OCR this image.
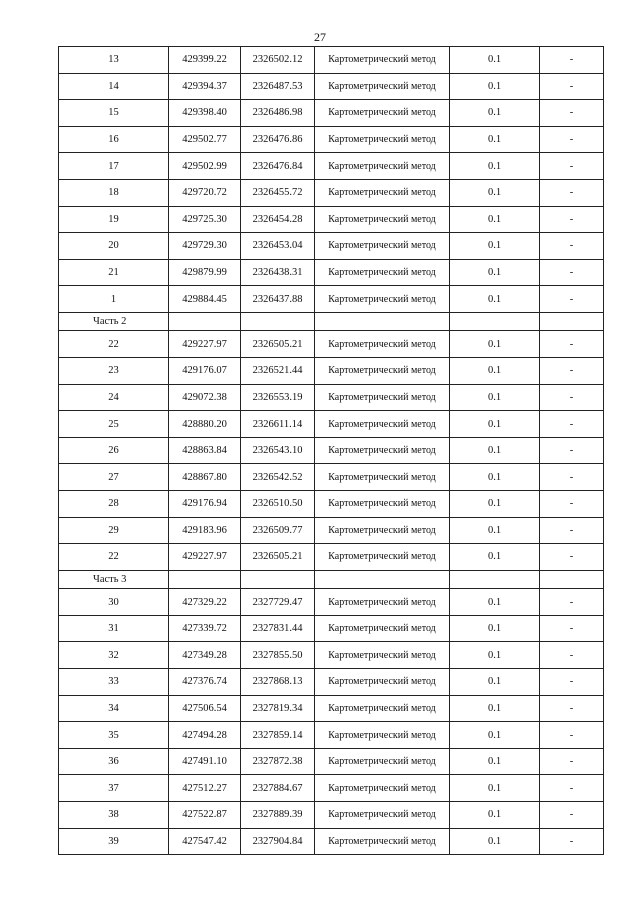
27
13	429399.22	2326502.12	Картометрический метод	0.1	-
14	429394.37	2326487.53	Картометрический метод	0.1	-
15	429398.40	2326486.98	Картометрический метод	0.1	-
16	429502.77	2326476.86	Картометрический метод	0.1	-
17	429502.99	2326476.84	Картометрический метод	0.1	-
18	429720.72	2326455.72	Картометрический метод	0.1	-
19	429725.30	2326454.28	Картометрический метод	0.1	-
20	429729.30	2326453.04	Картометрический метод	0.1	-
21	429879.99	2326438.31	Картометрический метод	0.1	-
1	429884.45	2326437.88	Картометрический метод	0.1	-
Часть 2					
22	429227.97	2326505.21	Картометрический метод	0.1	-
23	429176.07	2326521.44	Картометрический метод	0.1	-
24	429072.38	2326553.19	Картометрический метод	0.1	-
25	428880.20	2326611.14	Картометрический метод	0.1	-
26	428863.84	2326543.10	Картометрический метод	0.1	-
27	428867.80	2326542.52	Картометрический метод	0.1	-
28	429176.94	2326510.50	Картометрический метод	0.1	-
29	429183.96	2326509.77	Картометрический метод	0.1	-
22	429227.97	2326505.21	Картометрический метод	0.1	-
Часть 3					
30	427329.22	2327729.47	Картометрический метод	0.1	-
31	427339.72	2327831.44	Картометрический метод	0.1	-
32	427349.28	2327855.50	Картометрический метод	0.1	-
33	427376.74	2327868.13	Картометрический метод	0.1	-
34	427506.54	2327819.34	Картометрический метод	0.1	-
35	427494.28	2327859.14	Картометрический метод	0.1	-
36	427491.10	2327872.38	Картометрический метод	0.1	-
37	427512.27	2327884.67	Картометрический метод	0.1	-
38	427522.87	2327889.39	Картометрический метод	0.1	-
39	427547.42	2327904.84	Картометрический метод	0.1	-
